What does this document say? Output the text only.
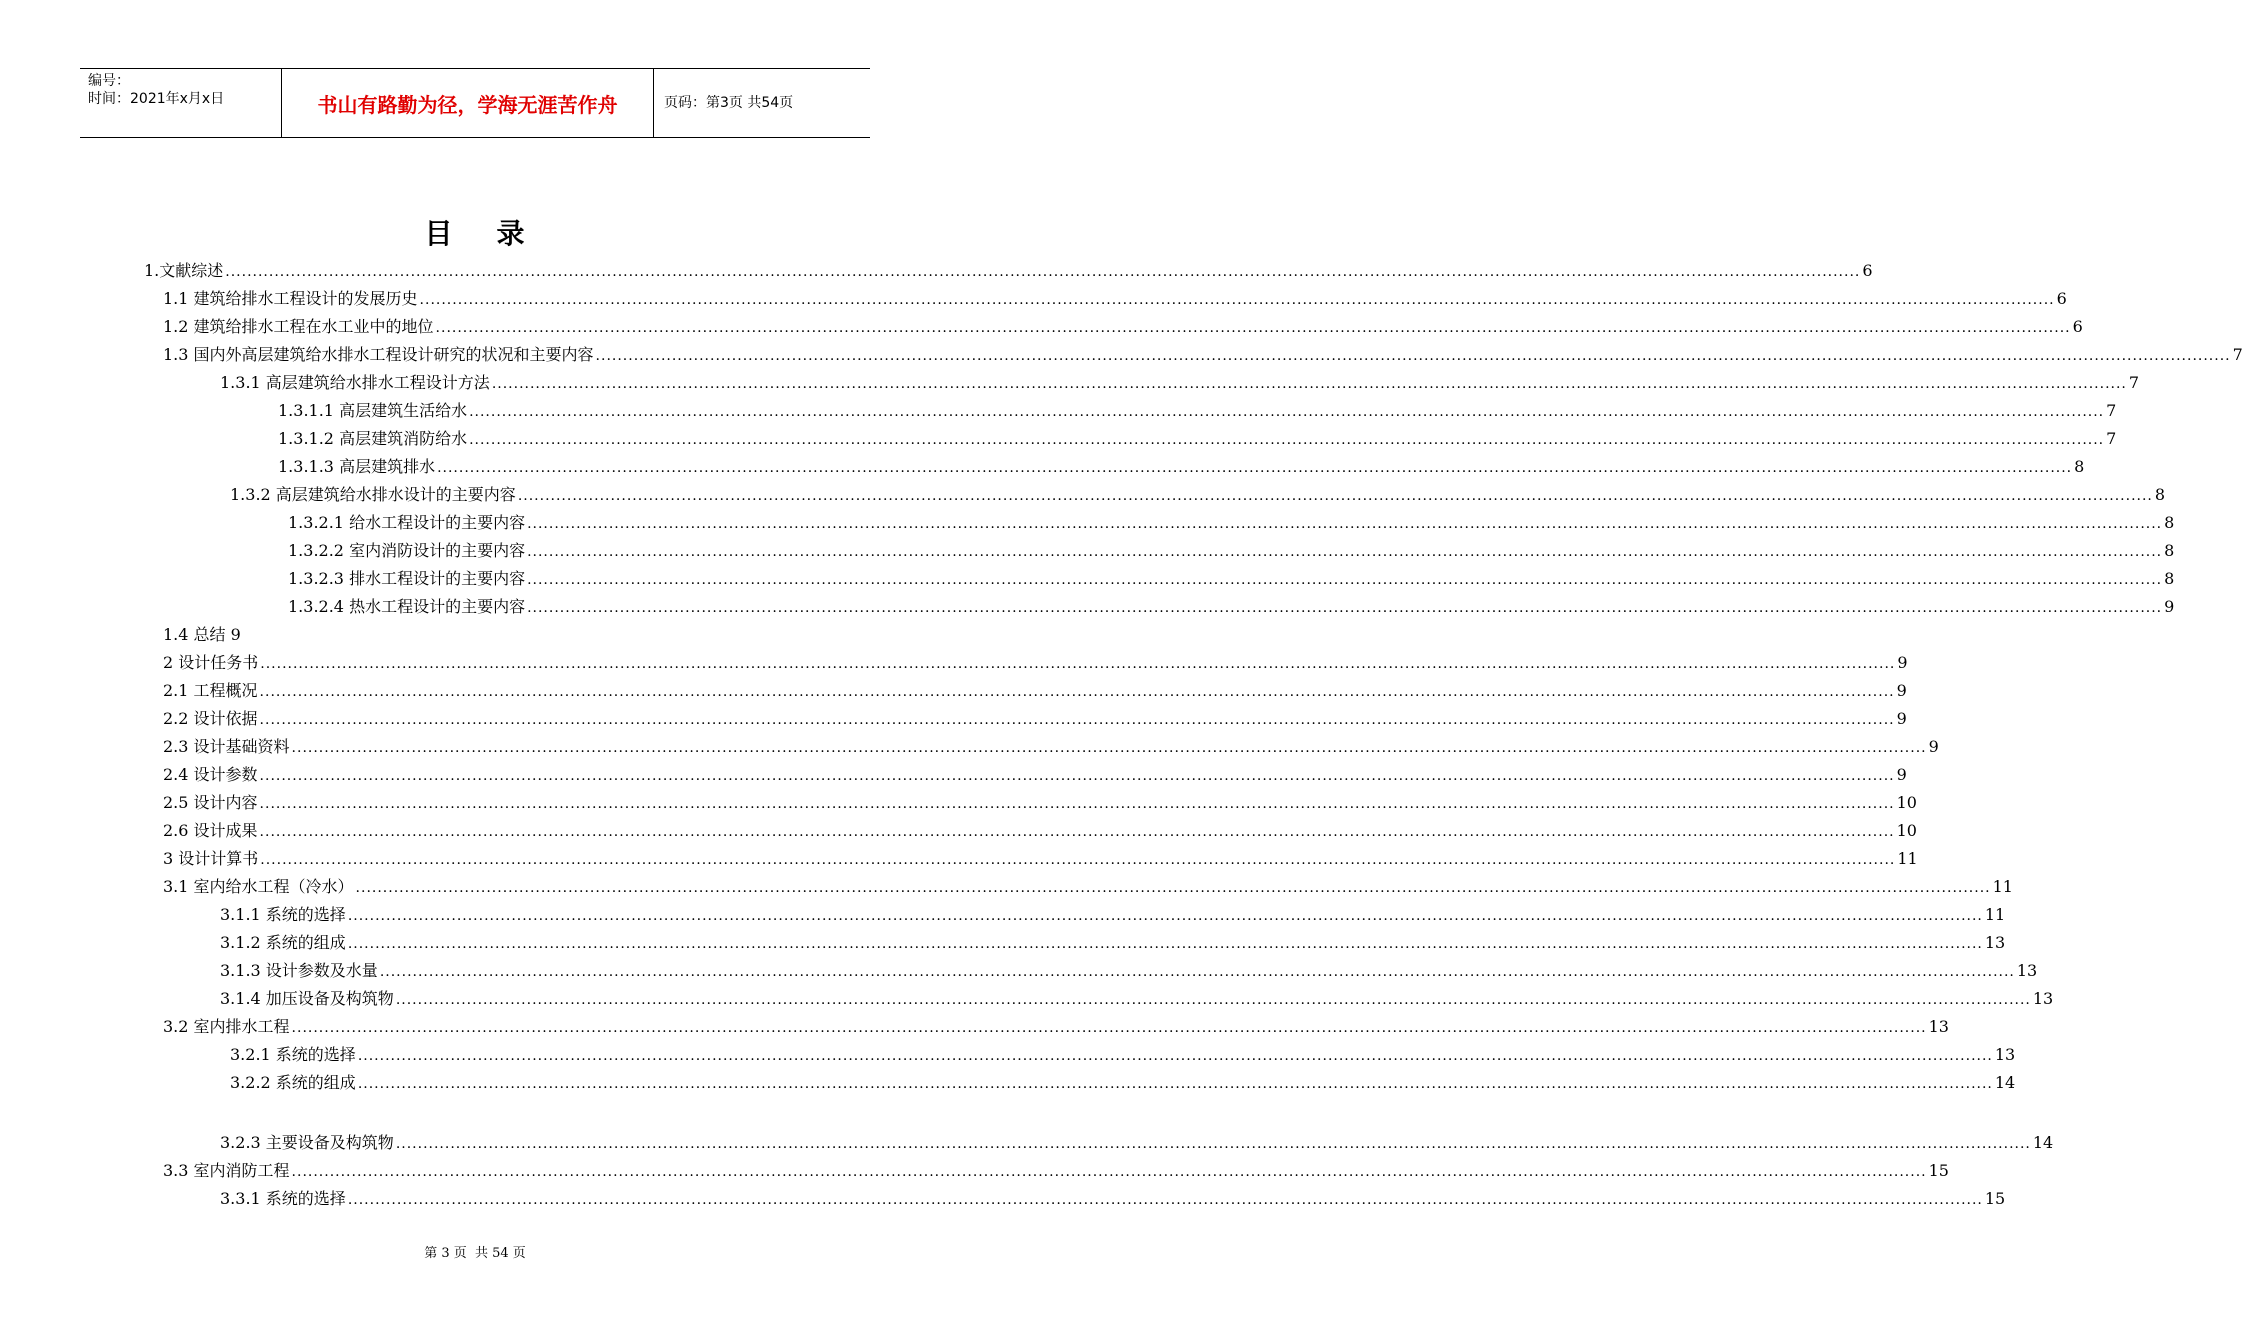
编号：
时间：2021年x月x日	书山有路勤为径，学海无涯苦作舟	页码：第3页 共54页
目    录
1.文献综述 ............................................................................................................................................................................................................................................................................................................ 6
1.1 建筑给排水工程设计的发展历史 ............................................................................................................................................................................................................................................................................................................ 6
1.2 建筑给排水工程在水工业中的地位 ............................................................................................................................................................................................................................................................................................................ 6
1.3 国内外高层建筑给水排水工程设计研究的状况和主要内容 ............................................................................................................................................................................................................................................................................................................ 7
1.3.1 高层建筑给水排水工程设计方法 ............................................................................................................................................................................................................................................................................................................ 7
1.3.1.1 高层建筑生活给水 ............................................................................................................................................................................................................................................................................................................ 7
1.3.1.2 高层建筑消防给水 ............................................................................................................................................................................................................................................................................................................ 7
1.3.1.3 高层建筑排水 ............................................................................................................................................................................................................................................................................................................ 8
1.3.2 高层建筑给水排水设计的主要内容 ............................................................................................................................................................................................................................................................................................................ 8
1.3.2.1 给水工程设计的主要内容 ............................................................................................................................................................................................................................................................................................................ 8
1.3.2.2 室内消防设计的主要内容 ............................................................................................................................................................................................................................................................................................................ 8
1.3.2.3 排水工程设计的主要内容 ............................................................................................................................................................................................................................................................................................................ 8
1.3.2.4 热水工程设计的主要内容 ............................................................................................................................................................................................................................................................................................................ 9
1.4 总结 9
2 设计任务书 ............................................................................................................................................................................................................................................................................................................ 9
2.1 工程概况 ............................................................................................................................................................................................................................................................................................................ 9
2.2 设计依据 ............................................................................................................................................................................................................................................................................................................ 9
2.3 设计基础资料 ............................................................................................................................................................................................................................................................................................................ 9
2.4 设计参数 ............................................................................................................................................................................................................................................................................................................ 9
2.5 设计内容 ............................................................................................................................................................................................................................................................................................................ 10
2.6 设计成果 ............................................................................................................................................................................................................................................................................................................ 10
3 设计计算书 ............................................................................................................................................................................................................................................................................................................ 11
3.1 室内给水工程（冷水） ............................................................................................................................................................................................................................................................................................................ 11
3.1.1 系统的选择 ............................................................................................................................................................................................................................................................................................................ 11
3.1.2 系统的组成 ............................................................................................................................................................................................................................................................................................................ 13
3.1.3 设计参数及水量 ............................................................................................................................................................................................................................................................................................................ 13
3.1.4 加压设备及构筑物 ............................................................................................................................................................................................................................................................................................................ 13
3.2 室内排水工程 ............................................................................................................................................................................................................................................................................................................ 13
3.2.1 系统的选择 ............................................................................................................................................................................................................................................................................................................ 13
3.2.2 系统的组成 ............................................................................................................................................................................................................................................................................................................ 14
3.2.3 主要设备及构筑物 ............................................................................................................................................................................................................................................................................................................ 14
3.3 室内消防工程 ............................................................................................................................................................................................................................................................................................................ 15
3.3.1 系统的选择 ............................................................................................................................................................................................................................................................................................................ 15
第 3 页  共 54 页
